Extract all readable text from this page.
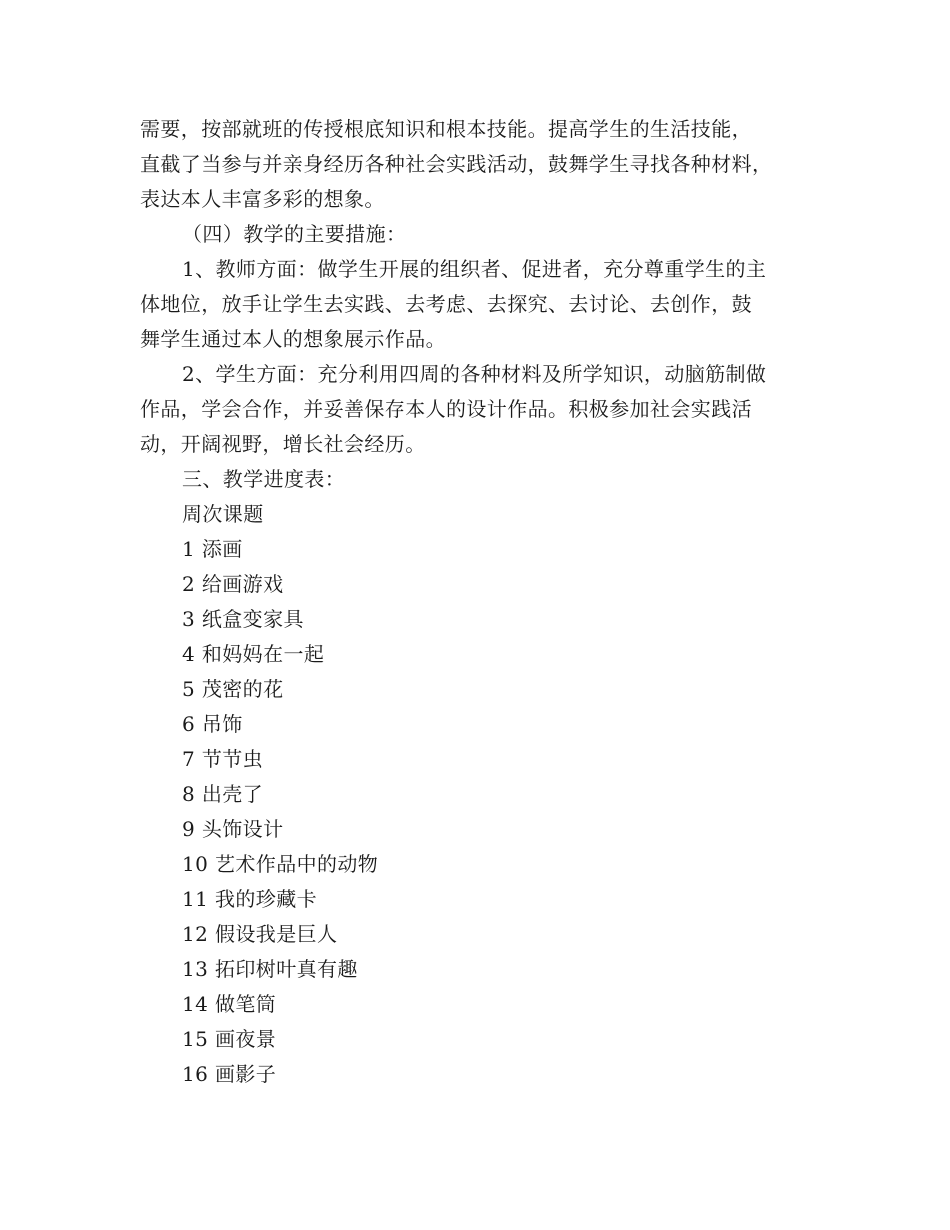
需要，按部就班的传授根底知识和根本技能。提高学生的生活技能，
直截了当参与并亲身经历各种社会实践活动，鼓舞学生寻找各种材料，
表达本人丰富多彩的想象。
（四）教学的主要措施：
1、教师方面：做学生开展的组织者、促进者，充分尊重学生的主
体地位，放手让学生去实践、去考虑、去探究、去讨论、去创作，鼓
舞学生通过本人的想象展示作品。
2、学生方面：充分利用四周的各种材料及所学知识，动脑筋制做
作品，学会合作，并妥善保存本人的设计作品。积极参加社会实践活
动，开阔视野，增长社会经历。
三、教学进度表：
周次课题
1 添画
2 给画游戏
3 纸盒变家具
4 和妈妈在一起
5 茂密的花
6 吊饰
7 节节虫
8 出壳了
9 头饰设计
10 艺术作品中的动物
11 我的珍藏卡
12 假设我是巨人
13 拓印树叶真有趣
14 做笔筒
15 画夜景
16 画影子
